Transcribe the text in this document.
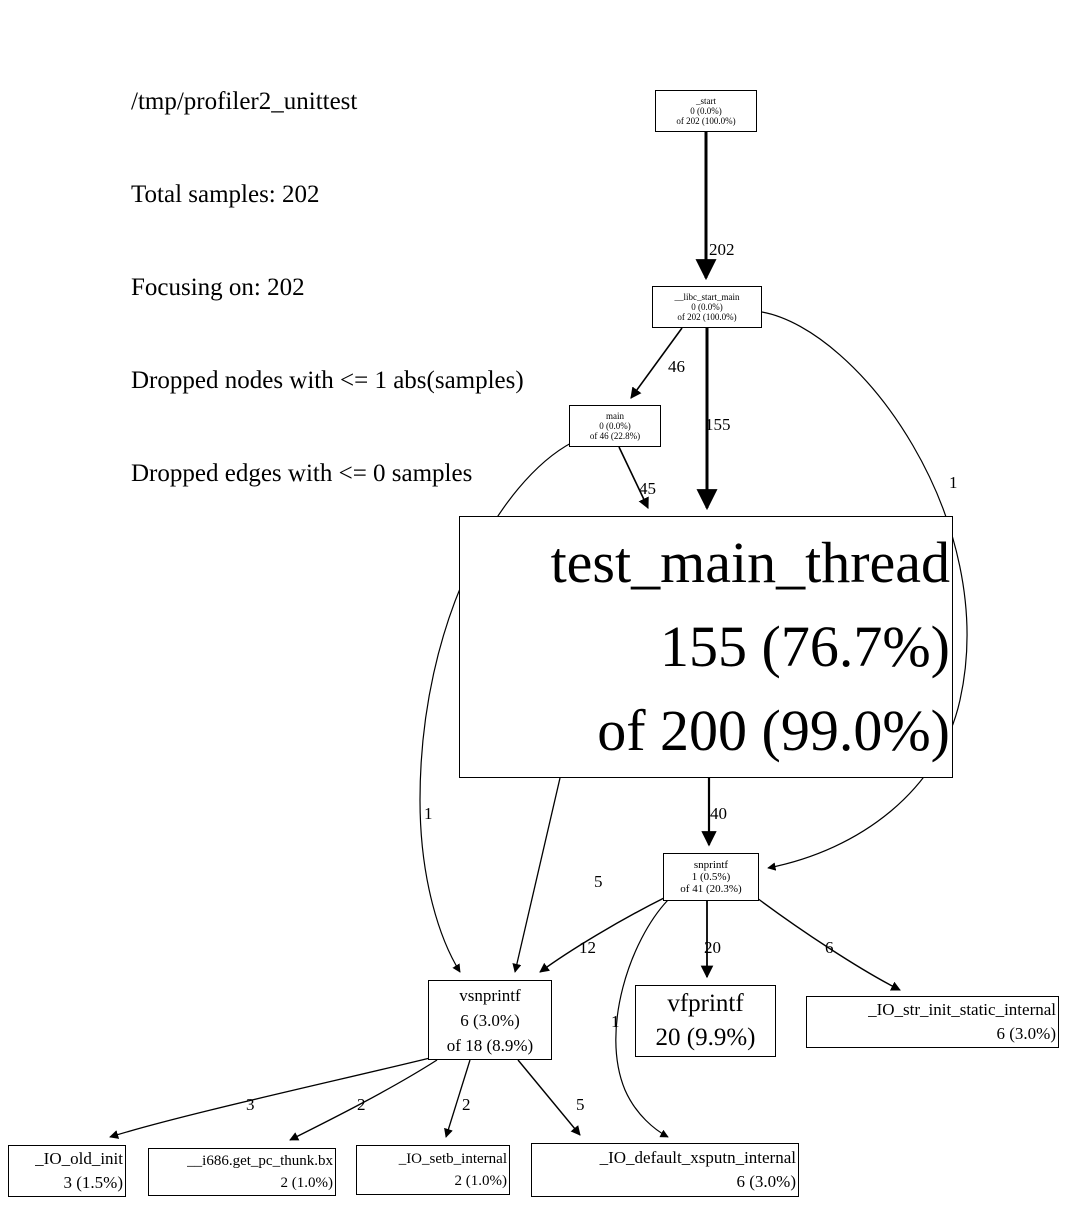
/tmp/profiler2_unittest

Total samples: 202

Focusing on: 202

Dropped nodes with <= 1 abs(samples)

Dropped edges with <= 0 samples

_start
0 (0.0%)
of 202 (100.0%)
__libc_start_main
0 (0.0%)
of 202 (100.0%)
main
0 (0.0%)
of 46 (22.8%)
test_main_thread
155 (76.7%)
of 200 (99.0%)
snprintf
1 (0.5%)
of 41 (20.3%)
vsnprintf
6 (3.0%)
of 18 (8.9%)
vfprintf
20 (9.9%)
_IO_str_init_static_internal
6 (3.0%)
_IO_old_init
3 (1.5%)
__i686.get_pc_thunk.bx
2 (1.0%)
_IO_setb_internal
2 (1.0%)
_IO_default_xsputn_internal
6 (3.0%)
202
46
155
1
45
1	40
5
12	20	6
1
3	2	2	5
